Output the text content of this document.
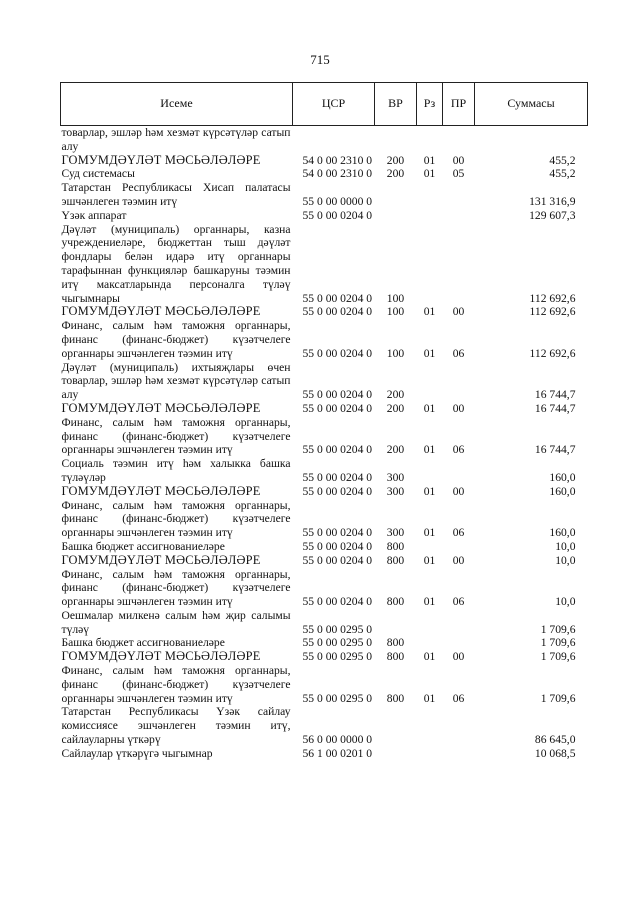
715
Исеме	ЦСР	ВР	Рз	ПР	Суммасы
товарлар, эшләр һәм хезмәт күрсәтүләр сатып алу					
ГОМУМДӘҮЛӘТ МӘСЬӘЛӘЛӘРЕ	54 0 00 2310 0	200	01	00	455,2
Суд системасы	54 0 00 2310 0	200	01	05	455,2
Татарстан Республикасы Хисап палатасы эшчәнлеген тәэмин итү	55 0 00 0000 0				131 316,9
Үзәк аппарат	55 0 00 0204 0				129 607,3
Дәүләт (муниципаль) органнары, казна учреждениеләре, бюджеттан тыш дәүләт фондлары белән идарә итү органнары тарафыннан функцияләр башкаруны тәэмин итү максатларында персоналга түләү чыгымнары	55 0 00 0204 0	100			112 692,6
ГОМУМДӘҮЛӘТ МӘСЬӘЛӘЛӘРЕ	55 0 00 0204 0	100	01	00	112 692,6
Финанс, салым һәм таможня органнары, финанс (финанс-бюджет) күзәтчелеге органнары эшчәнлеген тәэмин итү	55 0 00 0204 0	100	01	06	112 692,6
Дәүләт (муниципаль) ихтыяҗлары өчен товарлар, эшләр һәм хезмәт күрсәтүләр сатып алу	55 0 00 0204 0	200			16 744,7
ГОМУМДӘҮЛӘТ МӘСЬӘЛӘЛӘРЕ	55 0 00 0204 0	200	01	00	16 744,7
Финанс, салым һәм таможня органнары, финанс (финанс-бюджет) күзәтчелеге органнары эшчәнлеген тәэмин итү	55 0 00 0204 0	200	01	06	16 744,7
Социаль тәэмин итү һәм халыкка башка түләүләр	55 0 00 0204 0	300			160,0
ГОМУМДӘҮЛӘТ МӘСЬӘЛӘЛӘРЕ	55 0 00 0204 0	300	01	00	160,0
Финанс, салым һәм таможня органнары, финанс (финанс-бюджет) күзәтчелеге органнары эшчәнлеген тәэмин итү	55 0 00 0204 0	300	01	06	160,0
Башка бюджет ассигнованиеләре	55 0 00 0204 0	800			10,0
ГОМУМДӘҮЛӘТ МӘСЬӘЛӘЛӘРЕ	55 0 00 0204 0	800	01	00	10,0
Финанс, салым һәм таможня органнары, финанс (финанс-бюджет) күзәтчелеге органнары эшчәнлеген тәэмин итү	55 0 00 0204 0	800	01	06	10,0
Оешмалар милкенә салым һәм җир салымы түләү	55 0 00 0295 0				1 709,6
Башка бюджет ассигнованиеләре	55 0 00 0295 0	800			1 709,6
ГОМУМДӘҮЛӘТ МӘСЬӘЛӘЛӘРЕ	55 0 00 0295 0	800	01	00	1 709,6
Финанс, салым һәм таможня органнары, финанс (финанс-бюджет) күзәтчелеге органнары эшчәнлеген тәэмин итү	55 0 00 0295 0	800	01	06	1 709,6
Татарстан Республикасы Үзәк сайлау комиссиясе эшчәнлеген тәэмин итү, сайлауларны үткәрү	56 0 00 0000 0				86 645,0
Сайлаулар үткәрүгә чыгымнар	56 1 00 0201 0				10 068,5
